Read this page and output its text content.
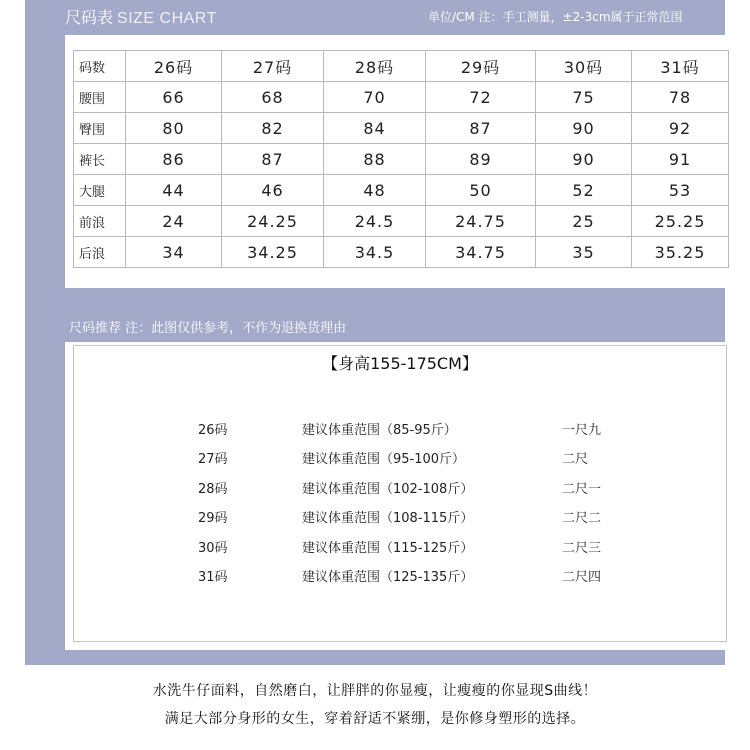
尺码表 SIZE CHART	单位/CM 注：手工测量，±2-3cm属于正常范围
码数	26码	27码	28码	29码	30码	31码
腰围	66	68	70	72	75	78
臀围	80	82	84	87	90	92
裤长	86	87	88	89	90	91
大腿	44	46	48	50	52	53
前浪	24	24.25	24.5	24.75	25	25.25
后浪	34	34.25	34.5	34.75	35	35.25
尺码推荐 注：此图仅供参考，不作为退换货理由
【身高155-175CM】
26码	建议体重范围（85-95斤）	一尺九
27码	建议体重范围（95-100斤）	二尺
28码	建议体重范围（102-108斤）	二尺一
29码	建议体重范围（108-115斤）	二尺二
30码	建议体重范围（115-125斤）	二尺三
31码	建议体重范围（125-135斤）	二尺四
水洗牛仔面料，自然磨白，让胖胖的你显瘦，让瘦瘦的你显现S曲线！
满足大部分身形的女生，穿着舒适不紧绷，是你修身塑形的选择。
